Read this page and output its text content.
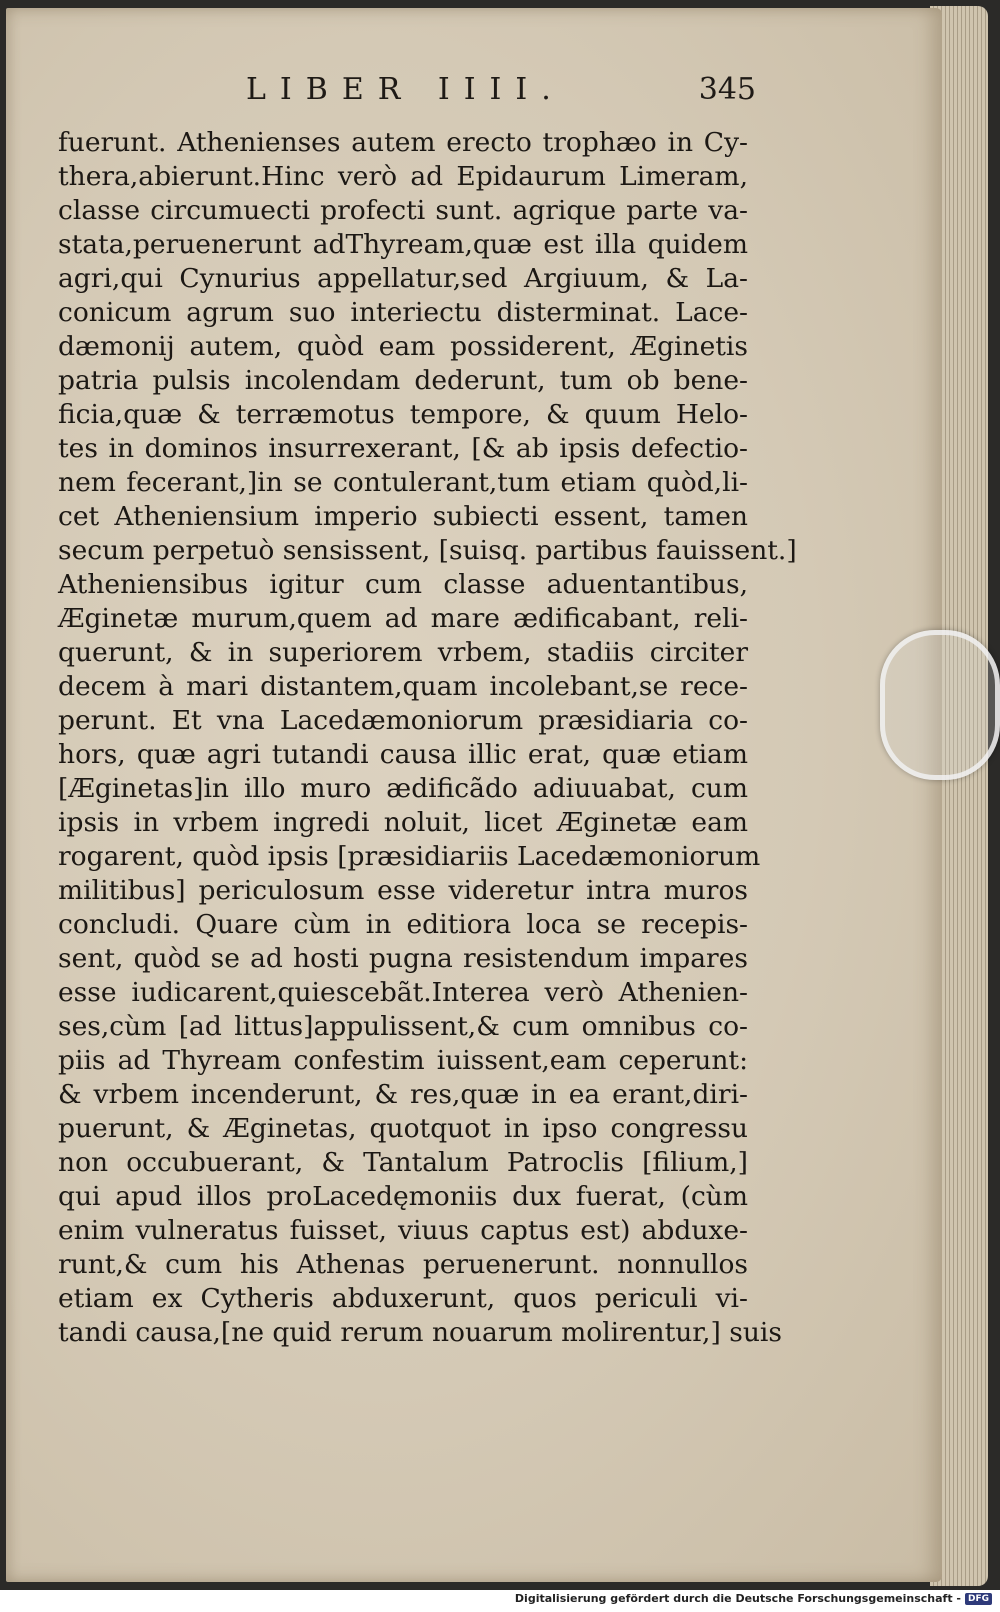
LIBER IIII.	345
fuerunt. Athenienses autem erecto trophæo in Cy-
thera,abierunt.Hinc verò ad Epidaurum Limeram,
classe circumuecti profecti sunt. agrique parte va-
stata,peruenerunt adThyream,quæ est illa quidem
agri,qui Cynurius appellatur,sed Argiuum, & La-
conicum agrum suo interiectu disterminat. Lace-
dæmonij autem, quòd eam possiderent, Æginetis
patria pulsis incolendam dederunt, tum ob bene-
ficia,quæ & terræmotus tempore, & quum Helo-
tes in dominos insurrexerant, [& ab ipsis defectio-
nem fecerant,]in se contulerant,tum etiam quòd,li-
cet Atheniensium imperio subiecti essent, tamen
secum perpetuò sensissent, [suisq. partibus fauissent.]
Atheniensibus igitur cum classe aduentantibus,
Æginetæ murum,quem ad mare ædificabant, reli-
querunt, & in superiorem vrbem, stadiis circiter
decem à mari distantem,quam incolebant,se rece-
perunt. Et vna Lacedæmoniorum præsidiaria co-
hors, quæ agri tutandi causa illic erat, quæ etiam
[Æginetas]in illo muro ædificãdo adiuuabat, cum
ipsis in vrbem ingredi noluit, licet Æginetæ eam
rogarent, quòd ipsis [præsidiariis Lacedæmoniorum
militibus] periculosum esse videretur intra muros
concludi. Quare cùm in editiora loca se recepis-
sent, quòd se ad hosti pugna resistendum impares
esse iudicarent,quiescebãt.Interea verò Athenien-
ses,cùm [ad littus]appulissent,& cum omnibus co-
piis ad Thyream confestim iuissent,eam ceperunt:
& vrbem incenderunt, & res,quæ in ea erant,diri-
puerunt, & Æginetas, quotquot in ipso congressu
non occubuerant, & Tantalum Patroclis [filium,]
qui apud illos proLacedęmoniis dux fuerat, (cùm
enim vulneratus fuisset, viuus captus est) abduxe-
runt,& cum his Athenas peruenerunt. nonnullos
etiam ex Cytheris abduxerunt, quos periculi vi-
tandi causa,[ne quid rerum nouarum molirentur,] suis
Digitalisierung gefördert durch die Deutsche Forschungsgemeinschaft - DFG
